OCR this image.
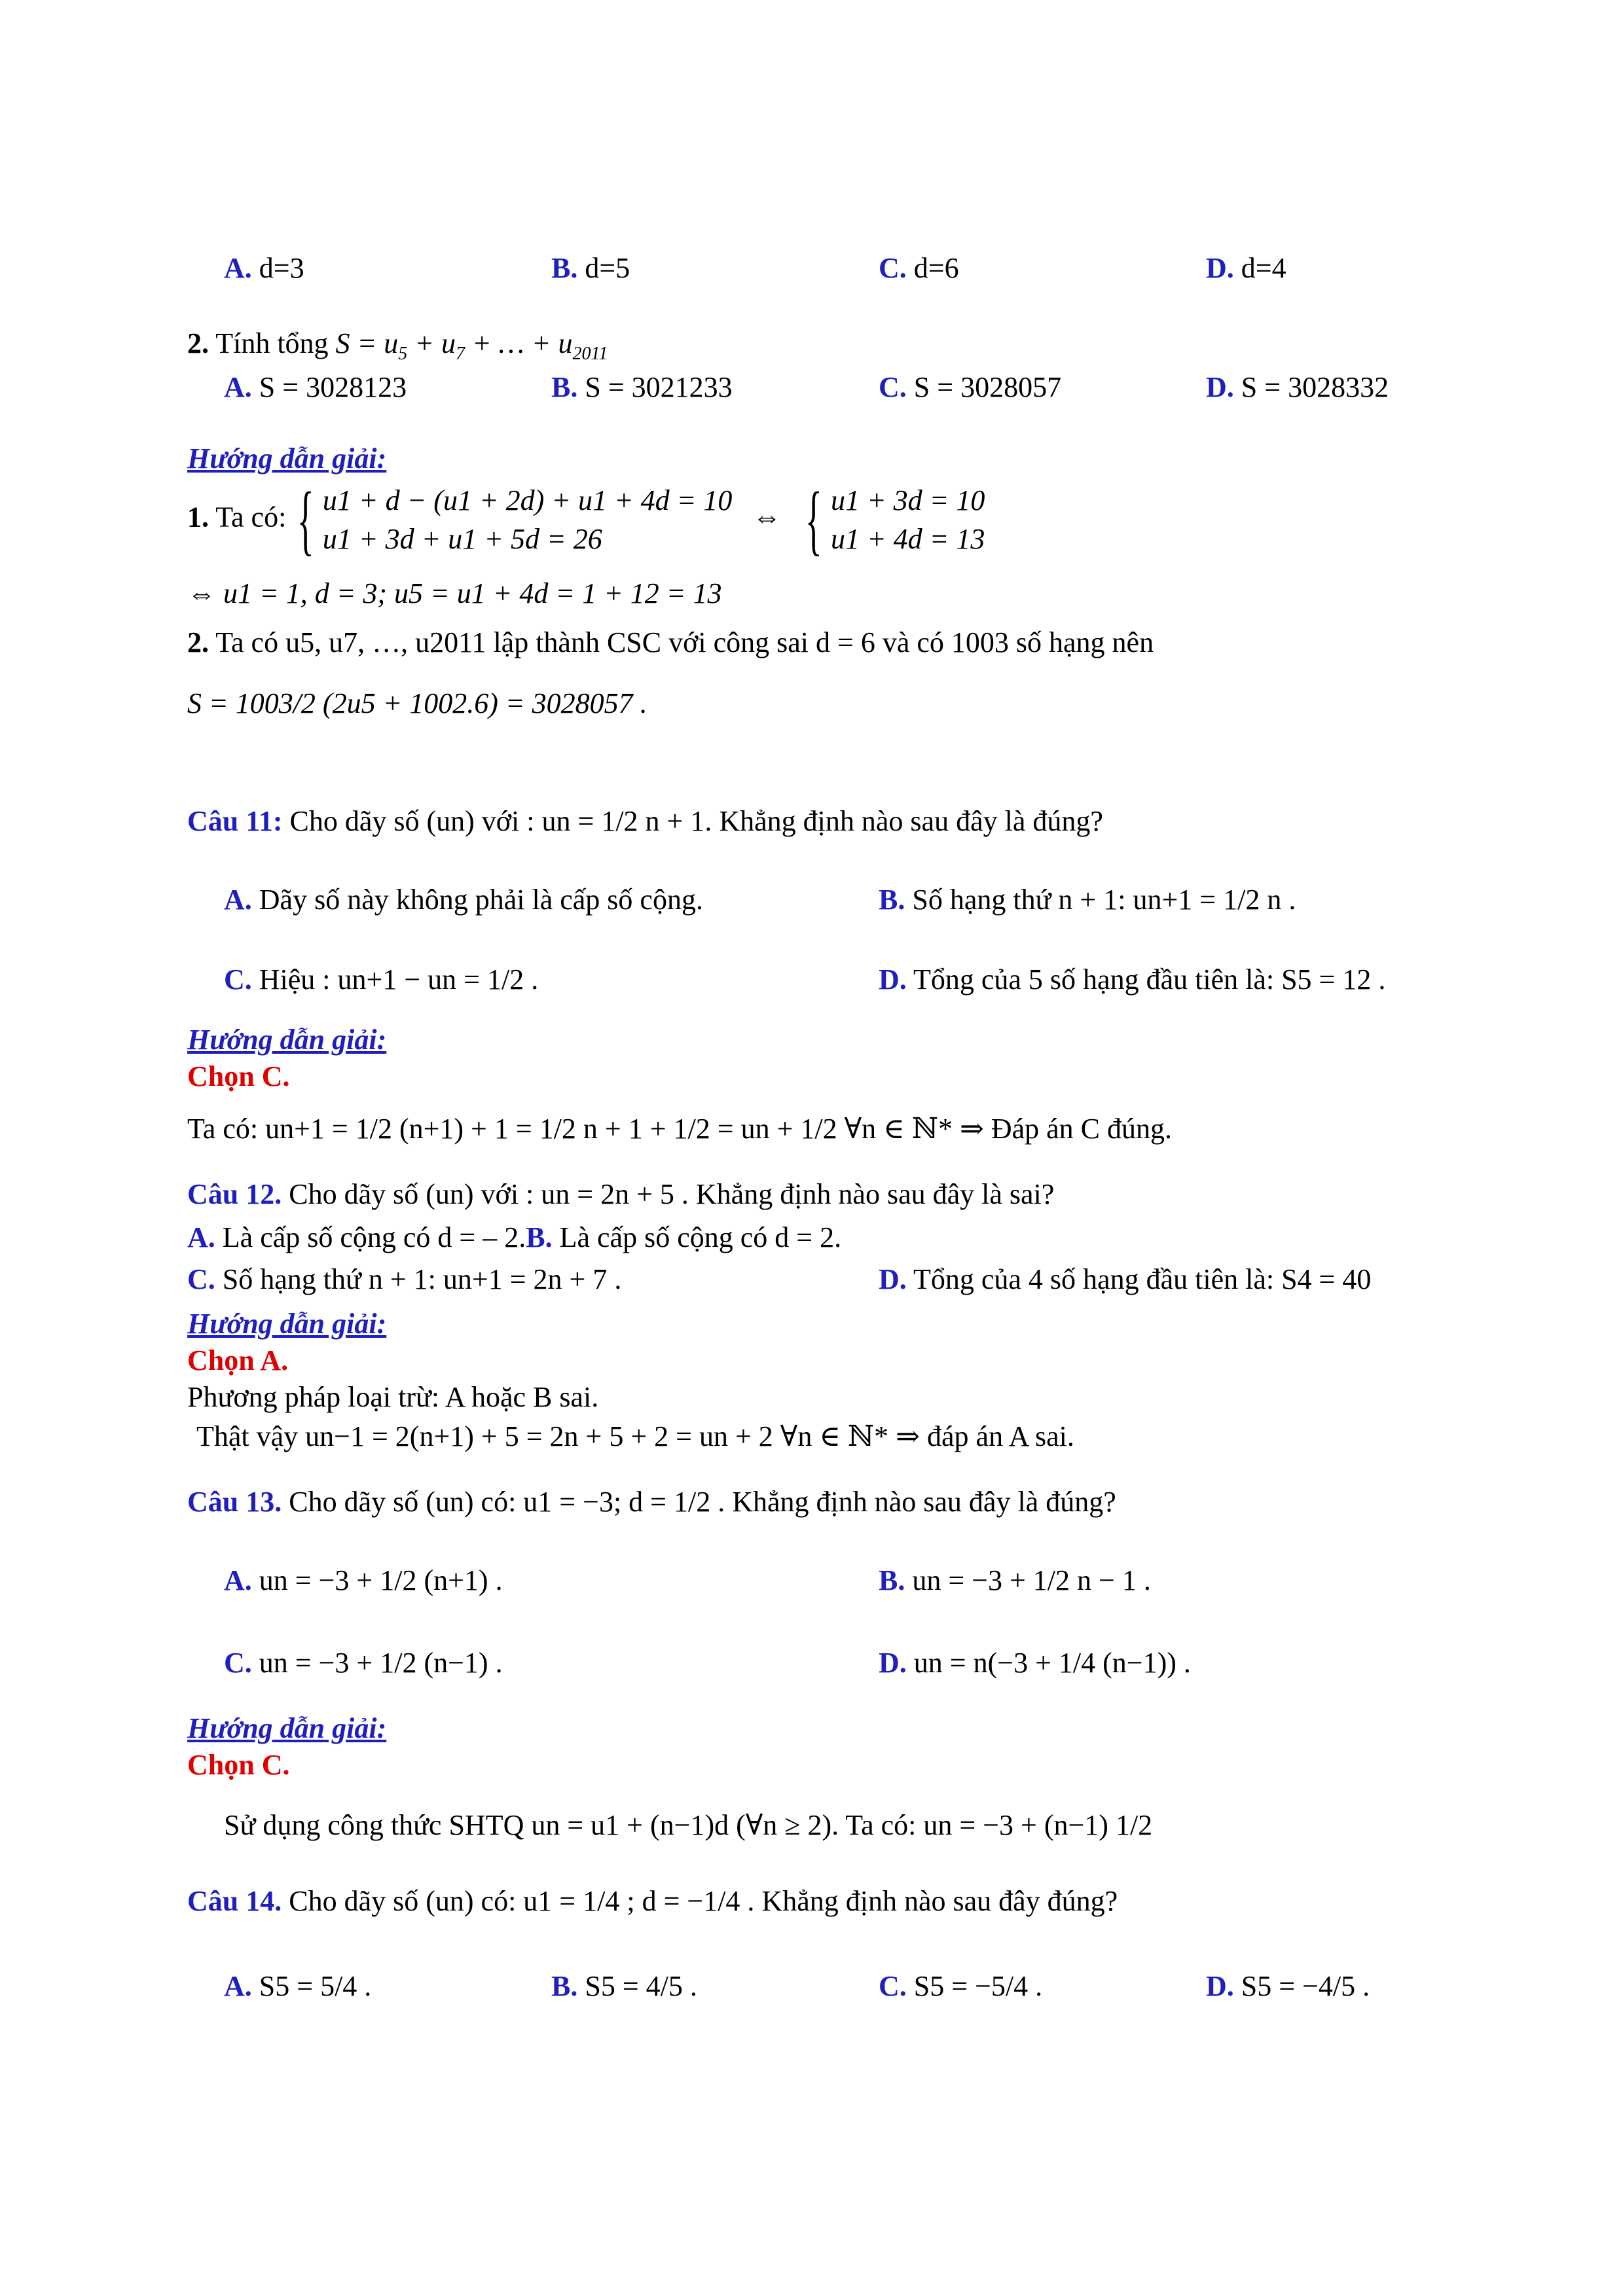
A. d=3	B. d=5	C. d=6	D. d=4
2. Tính tổng $S = u_5 + u_7$ + … + $u_{2011}$
A. S = 3028123	B. S = 3021233	C. S = 3028057	D. S = 3028332
Hướng dẫn giải:
1. Ta có: { u1 + d − (u1 + 2d) + u1 + 4d = 10
u1 + 3d + u1 + 5d = 26
⇔ { u1 + 3d = 10
u1 + 4d = 13
⇔ u1 = 1, d = 3; u5 = u1 + 4d = 1 + 12 = 13
2. Ta có u5, u7, …, u2011 lập thành CSC với công sai d = 6 và có 1003 số hạng nên
S = 1003/2 (2u5 + 1002.6) = 3028057 .
Câu 11: Cho dãy số (un) với : un = 1/2 n + 1. Khẳng định nào sau đây là đúng?
A. Dãy số này không phải là cấp số cộng.	B. Số hạng thứ n + 1: un+1 = 1/2 n .
C. Hiệu : un+1 − un = 1/2 .	D. Tổng của 5 số hạng đầu tiên là: S5 = 12 .
Hướng dẫn giải:
Chọn C.
Ta có: un+1 = 1/2 (n+1) + 1 = 1/2 n + 1 + 1/2 = un + 1/2 ∀n ∈ ℕ* ⇒ Đáp án C đúng.
Câu 12. Cho dãy số (un) với : un = 2n + 5 . Khẳng định nào sau đây là sai?
A. Là cấp số cộng có d = – 2.B. Là cấp số cộng có d = 2.
C. Số hạng thứ n + 1: un+1 = 2n + 7 .	D. Tổng của 4 số hạng đầu tiên là: S4 = 40
Hướng dẫn giải:
Chọn A.
Phương pháp loại trừ: A hoặc B sai.
Thật vậy un−1 = 2(n+1) + 5 = 2n + 5 + 2 = un + 2 ∀n ∈ ℕ* ⇒ đáp án A sai.
Câu 13. Cho dãy số (un) có: u1 = −3; d = 1/2 . Khẳng định nào sau đây là đúng?
A. un = −3 + 1/2 (n+1) .	B. un = −3 + 1/2 n − 1 .
C. un = −3 + 1/2 (n−1) .	D. un = n(−3 + 1/4 (n−1)) .
Hướng dẫn giải:
Chọn C.
Sử dụng công thức SHTQ un = u1 + (n−1)d (∀n ≥ 2). Ta có: un = −3 + (n−1) 1/2
Câu 14. Cho dãy số (un) có: u1 = 1/4 ; d = −1/4 . Khẳng định nào sau đây đúng?
A. S5 = 5/4 .	B. S5 = 4/5 .	C. S5 = −5/4 .	D. S5 = −4/5 .
